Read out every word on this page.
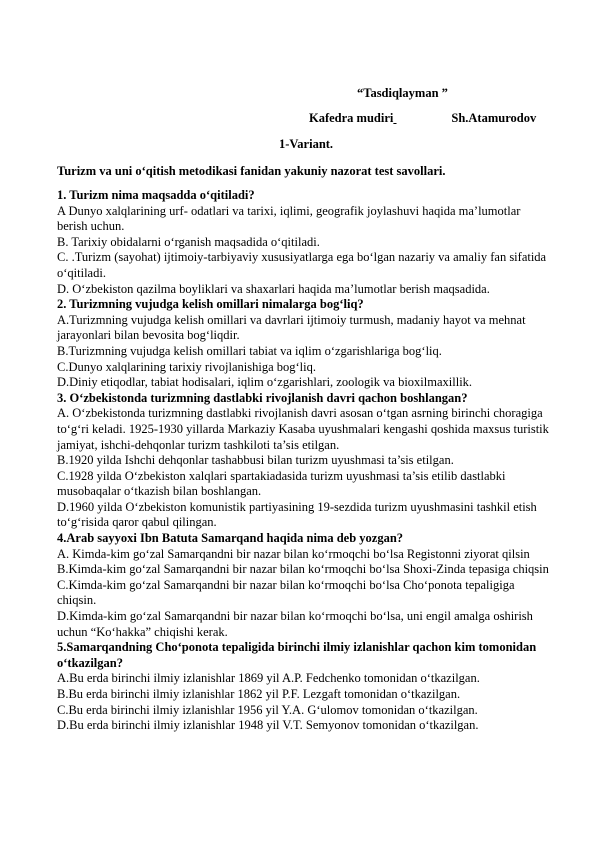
“Tasdiqlayman ”
Kafedra mudiri	Sh.Atamurodov
1-Variant.
Turizm va uni o‘qitish metodikasi fanidan yakuniy nazorat test savollari.

1. Turizm nima maqsadda o‘qitiladi?

A Dunyo xalqlarining urf- odatlari va tarixi, iqlimi, geografik joylashuvi haqida ma’lumotlar berish uchun.

B. Tarixiy obidalarni o‘rganish maqsadida o‘qitiladi.

C. .Turizm (sayohat) ijtimoiy-tarbiyaviy xususiyatlarga ega bo‘lgan nazariy va amaliy fan sifatida o‘qitiladi.

D. O‘zbekiston qazilma boyliklari va shaxarlari haqida ma’lumotlar berish maqsadida.

2. Turizmning vujudga kelish omillari nimalarga bog‘liq?

A.Turizmning vujudga kelish omillari va davrlari ijtimoiy turmush, madaniy hayot va mehnat jarayonlari bilan bevosita bog‘liqdir.

B.Turizmning vujudga kelish omillari tabiat va iqlim o‘zgarishlariga bog‘liq.

C.Dunyo xalqlarining tarixiy rivojlanishiga bog‘liq.

D.Diniy etiqodlar, tabiat hodisalari, iqlim o‘zgarishlari, zoologik va bioxilmaxillik.

3. O‘zbekistonda turizmning dastlabki rivojlanish davri qachon boshlangan?

A. O‘zbekistonda turizmning dastlabki rivojlanish davri asosan o‘tgan asrning birinchi choragiga to‘g‘ri keladi. 1925-1930 yillarda Markaziy Kasaba uyushmalari kengashi qoshida maxsus turistik jamiyat, ishchi-dehqonlar turizm tashkiloti ta’sis etilgan.

B.1920 yilda Ishchi dehqonlar tashabbusi bilan turizm uyushmasi ta’sis etilgan.

C.1928 yilda O‘zbekiston xalqlari spartakiadasida turizm uyushmasi ta’sis etilib dastlabki musobaqalar o‘tkazish bilan boshlangan.

D.1960 yilda O‘zbekiston komunistik partiyasining 19-sezdida turizm uyushmasini tashkil etish to‘g‘risida qaror qabul qilingan.

4.Arab sayyoxi Ibn Batuta Samarqand haqida nima deb yozgan?

A. Kimda-kim go‘zal Samarqandni bir nazar bilan ko‘rmoqchi bo‘lsa Registonni ziyorat qilsin

B.Kimda-kim go‘zal Samarqandni bir nazar bilan ko‘rmoqchi bo‘lsa Shoxi-Zinda tepasiga chiqsin

C.Kimda-kim go‘zal Samarqandni bir nazar bilan ko‘rmoqchi bo‘lsa Cho‘ponota tepaligiga chiqsin.

D.Kimda-kim go‘zal Samarqandni bir nazar bilan ko‘rmoqchi bo‘lsa, uni engil amalga oshirish uchun “Ko‘hakka” chiqishi kerak.

5.Samarqandning Cho‘ponota tepaligida birinchi ilmiy izlanishlar qachon kim tomonidan o‘tkazilgan?

A.Bu erda birinchi ilmiy izlanishlar 1869 yil A.P. Fedchenko tomonidan o‘tkazilgan.

B.Bu erda birinchi ilmiy izlanishlar 1862 yil P.F. Lezgaft tomonidan o‘tkazilgan.

C.Bu erda birinchi ilmiy izlanishlar 1956 yil Y.A. G‘ulomov tomonidan o‘tkazilgan.

D.Bu erda birinchi ilmiy izlanishlar 1948 yil V.T. Semyonov tomonidan o‘tkazilgan.
